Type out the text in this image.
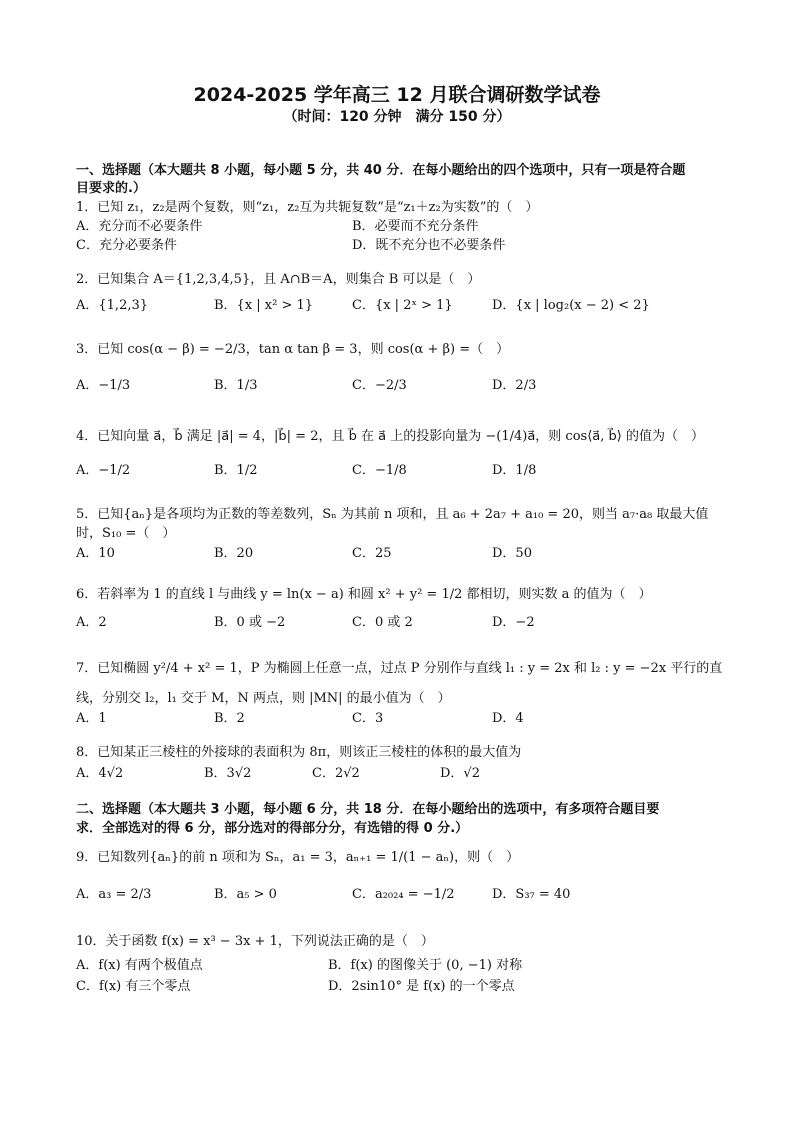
2024-2025 学年高三 12 月联合调研数学试卷
（时间：120 分钟　满分 150 分）
一、选择题（本大题共 8 小题，每小题 5 分，共 40 分．在每小题给出的四个选项中，只有一项是符合题
目要求的.）
1．已知 z₁，z₂是两个复数，则“z₁，z₂互为共轭复数”是“z₁＋z₂为实数”的（　）
A．充分而不必要条件	B．必要而不充分条件
C．充分必要条件	D．既不充分也不必要条件
2．已知集合 A＝{1,2,3,4,5}，且 A∩B＝A，则集合 B 可以是（　）
A．{1,2,3}	B．{x | x² > 1}	C．{x | 2ˣ > 1}	D．{x | log₂(x − 2) < 2}
3．已知 cos(α − β) = −2/3，tan α tan β = 3，则 cos(α + β) =（　）
A．−1/3	B．1/3	C．−2/3	D．2/3
4．已知向量 a⃗，b⃗ 满足 |a⃗| = 4，|b⃗| = 2，且 b⃗ 在 a⃗ 上的投影向量为 −(1/4)a⃗，则 cos⟨a⃗, b⃗⟩ 的值为（　）
A．−1/2	B．1/2	C．−1/8	D．1/8
5．已知{aₙ}是各项均为正数的等差数列，Sₙ 为其前 n 项和，且 a₆ + 2a₇ + a₁₀ = 20，则当 a₇·a₈ 取最大值
时，S₁₀ =（　）
A．10	B．20	C．25	D．50
6．若斜率为 1 的直线 l 与曲线 y = ln(x − a) 和圆 x² + y² = 1/2 都相切，则实数 a 的值为（　）
A．2	B．0 或 −2	C．0 或 2	D．−2
7．已知椭圆 y²/4 + x² = 1，P 为椭圆上任意一点，过点 P 分别作与直线 l₁ : y = 2x 和 l₂ : y = −2x 平行的直
线，分别交 l₂，l₁ 交于 M，N 两点，则 |MN| 的最小值为（　）
A．1	B．2	C．3	D．4
8．已知某正三棱柱的外接球的表面积为 8π，则该正三棱柱的体积的最大值为
A．4√2	B．3√2	C．2√2	D．√2
二、选择题（本大题共 3 小题，每小题 6 分，共 18 分．在每小题给出的选项中，有多项符合题目要
求．全部选对的得 6 分，部分选对的得部分分，有选错的得 0 分.）
9．已知数列{aₙ}的前 n 项和为 Sₙ，a₁ = 3，aₙ₊₁ = 1/(1 − aₙ)，则（　）
A．a₃ = 2/3	B．a₅ > 0	C．a₂₀₂₄ = −1/2	D．S₃₇ = 40
10．关于函数 f(x) = x³ − 3x + 1，下列说法正确的是（　）
A．f(x) 有两个极值点	B．f(x) 的图像关于 (0, −1) 对称
C．f(x) 有三个零点	D．2sin10° 是 f(x) 的一个零点
